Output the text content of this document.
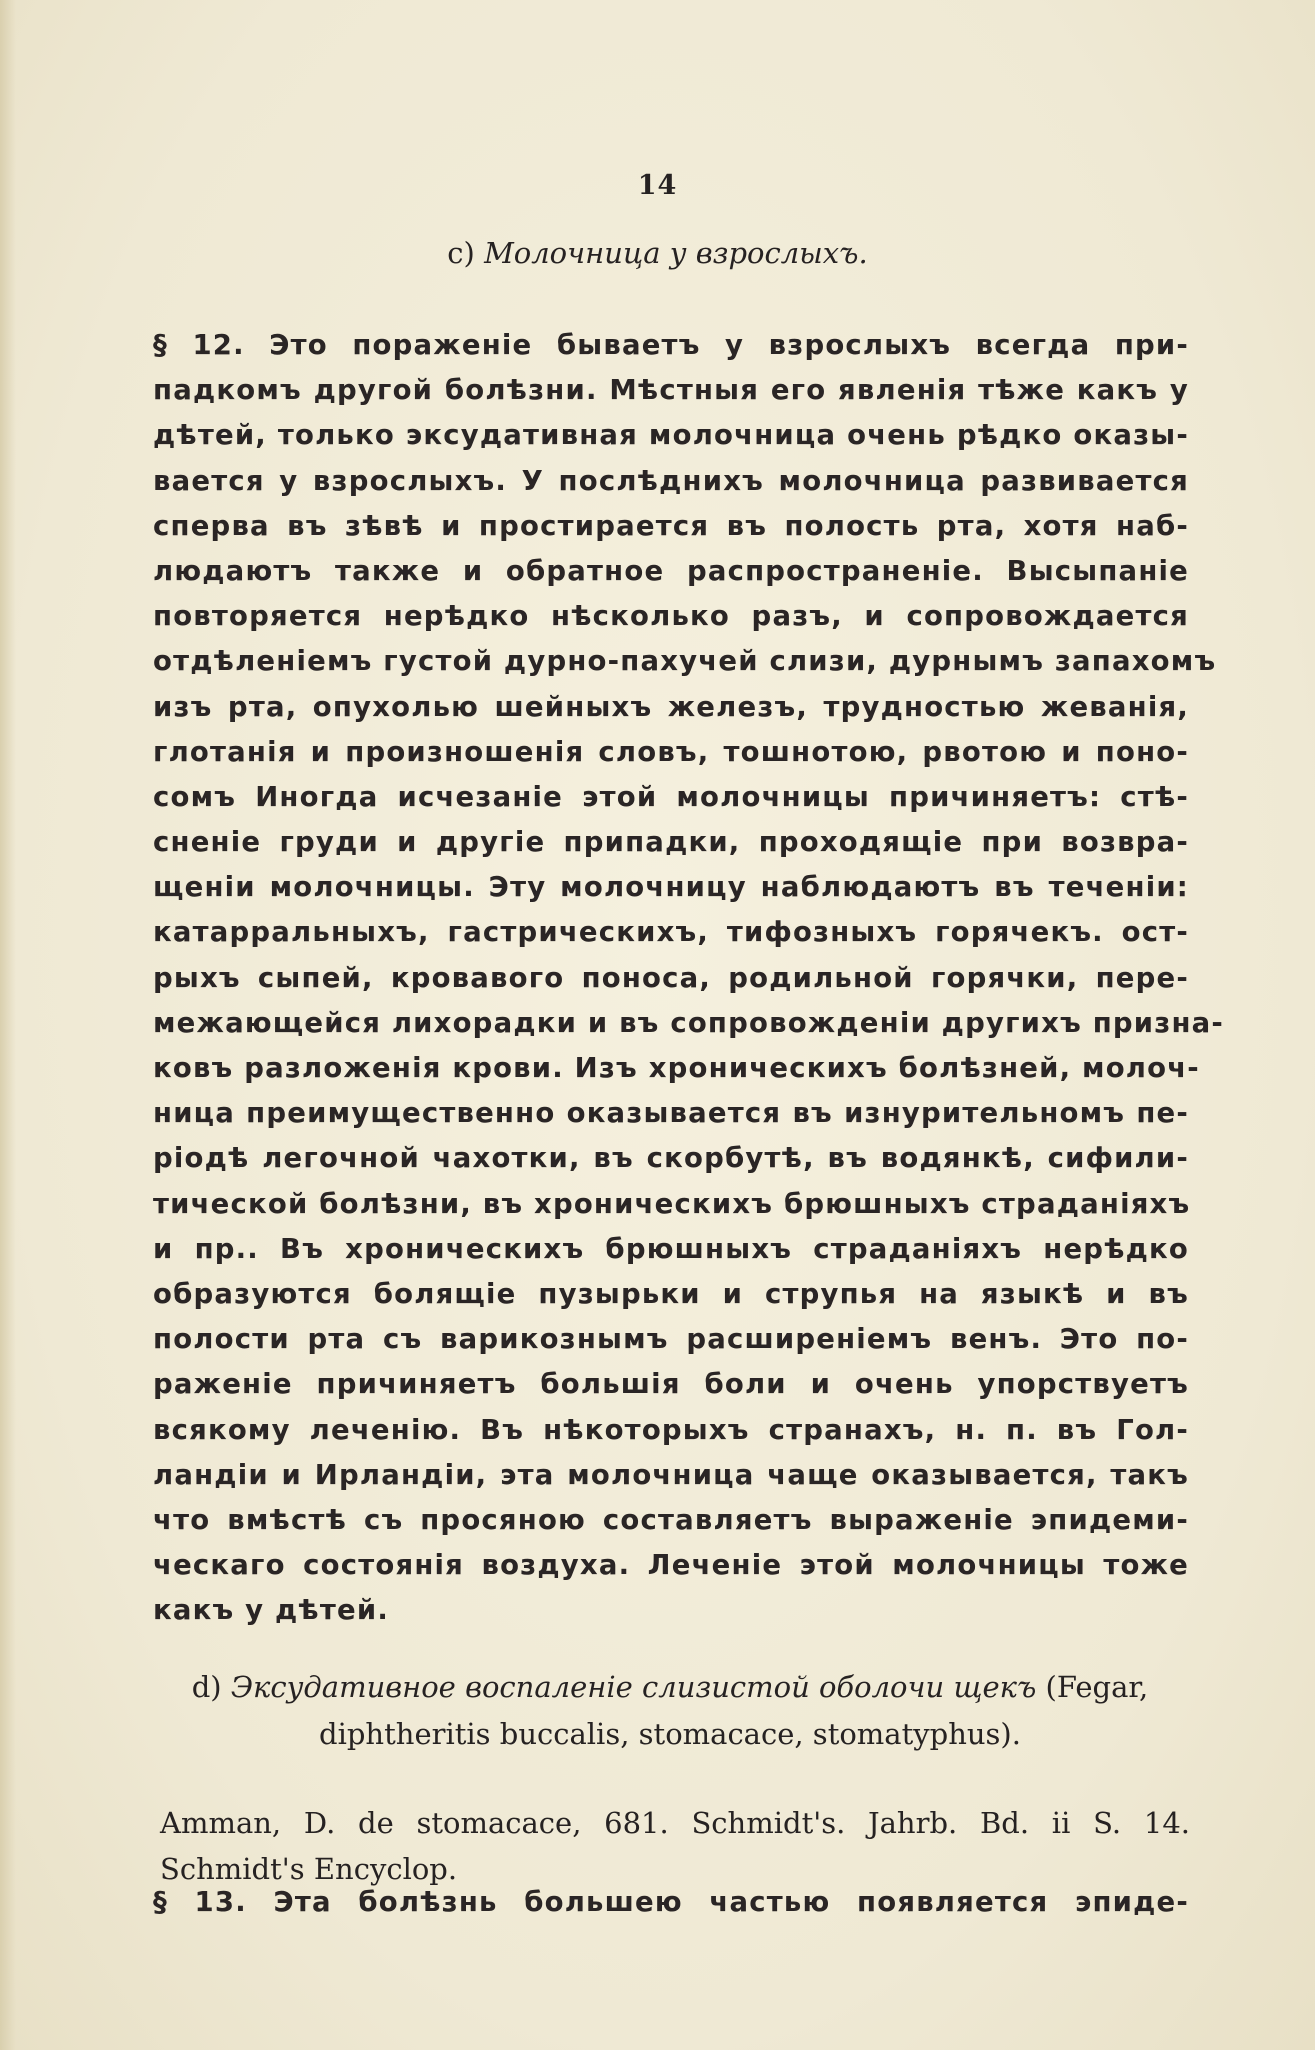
14
c) Молочница у взрослыхъ.
§ 12. Это пораженіе бываетъ у взрослыхъ всегда при-
падкомъ другой болѣзни. Мѣстныя его явленія тѣже какъ у
дѣтей, только эксудативная молочница очень рѣдко оказы-
вается у взрослыхъ. У послѣднихъ молочница развивается
сперва въ зѣвѣ и простирается въ полость рта, хотя наб-
людаютъ также и обратное распространеніе. Высыпаніе
повторяется нерѣдко нѣсколько разъ, и сопровождается
отдѣленіемъ густой дурно-пахучей слизи, дурнымъ запахомъ
изъ рта, опухолью шейныхъ железъ, трудностью жеванія,
глотанія и произношенія словъ, тошнотою, рвотою и поно-
сомъ Иногда исчезаніе этой молочницы причиняетъ: стѣ-
сненіе груди и другіе припадки, проходящіе при возвра-
щеніи молочницы. Эту молочницу наблюдаютъ въ теченіи:
катарральныхъ, гастрическихъ, тифозныхъ горячекъ. ост-
рыхъ сыпей, кровавого поноса, родильной горячки, пере-
межающейся лихорадки и въ сопровожденіи другихъ призна-
ковъ разложенія крови. Изъ хроническихъ болѣзней, молоч-
ница преимущественно оказывается въ изнурительномъ пе-
ріодѣ легочной чахотки, въ скорбутѣ, въ водянкѣ, сифили-
тической болѣзни, въ хроническихъ брюшныхъ страданіяхъ
и пр.. Въ хроническихъ брюшныхъ страданіяхъ нерѣдко
образуются болящіе пузырьки и струпья на языкѣ и въ
полости рта съ варикознымъ расширеніемъ венъ. Это по-
раженіе причиняетъ большія боли и очень упорствуетъ
всякому леченію. Въ нѣкоторыхъ странахъ, н. п. въ Гол-
ландіи и Ирландіи, эта молочница чаще оказывается, такъ
что вмѣстѣ съ просяною составляетъ выраженіе эпидеми-
ческаго состоянія воздуха. Леченіе этой молочницы тоже
какъ у дѣтей.
d) Эксудативное воспаленіе слизистой оболочи щекъ (Fegar,
diphtheritis buccalis, stomacace, stomatyphus).
Amman, D. de stomacace, 681. Schmidt's. Jahrb. Bd. ii S. 14.
Schmidt's Encyclop.
§ 13. Эта болѣзнь большею частью появляется эпиде-
